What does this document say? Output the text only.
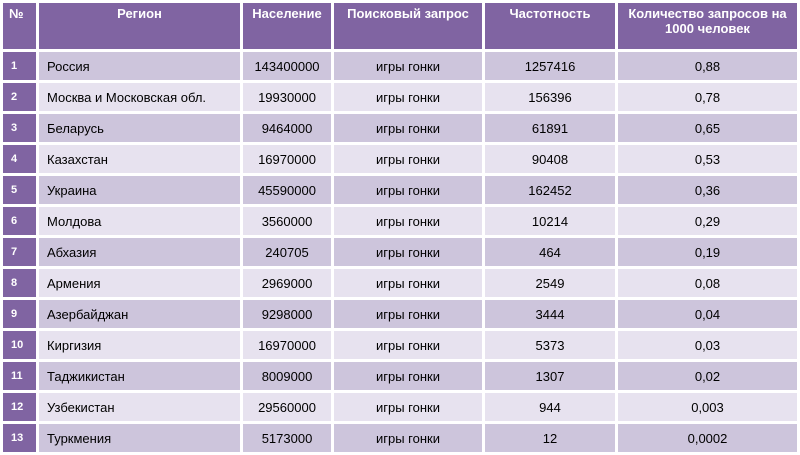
№	Регион	Население	Поисковый запрос	Частотность	Количество запросов на 1000 человек
1	Россия	143400000	игры гонки	1257416	0,88
2	Москва и Московская обл.	19930000	игры гонки	156396	0,78
3	Беларусь	9464000	игры гонки	61891	0,65
4	Казахстан	16970000	игры гонки	90408	0,53
5	Украина	45590000	игры гонки	162452	0,36
6	Молдова	3560000	игры гонки	10214	0,29
7	Абхазия	240705	игры гонки	464	0,19
8	Армения	2969000	игры гонки	2549	0,08
9	Азербайджан	9298000	игры гонки	3444	0,04
10	Киргизия	16970000	игры гонки	5373	0,03
11	Таджикистан	8009000	игры гонки	1307	0,02
12	Узбекистан	29560000	игры гонки	944	0,003
13	Туркмения	5173000	игры гонки	12	0,0002
